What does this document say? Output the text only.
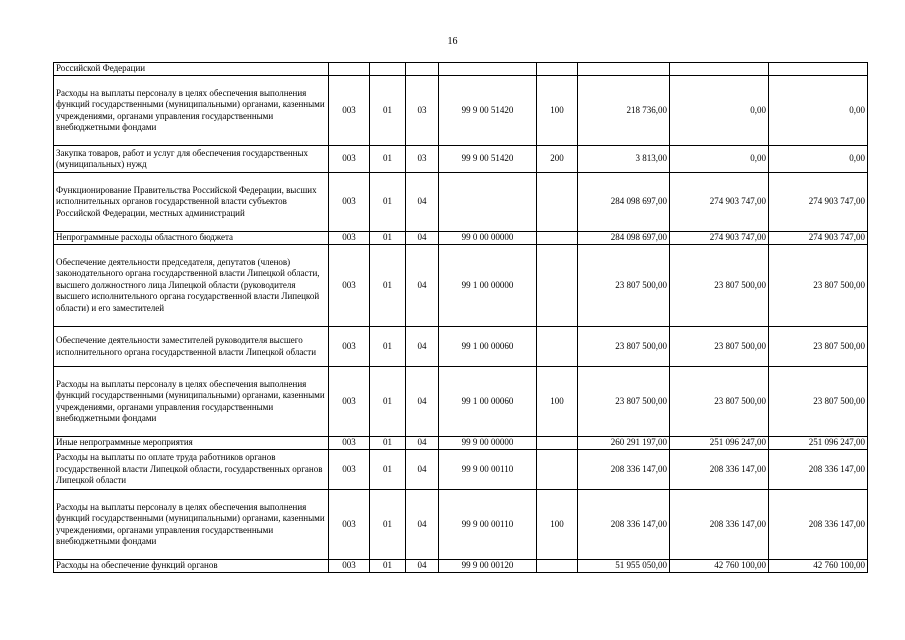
16
Российской Федерации								
Расходы на выплаты персоналу в целях обеспечения выполнения функций государственными (муниципальными) органами, казенными учреждениями, органами управления государственными внебюджетными фондами	003	01	03	99 9 00 51420	100	218 736,00	0,00	0,00
Закупка товаров, работ и услуг для обеспечения государственных (муниципальных) нужд	003	01	03	99 9 00 51420	200	3 813,00	0,00	0,00
Функционирование Правительства Российской Федерации, высших исполнительных органов государственной власти субъектов Российской Федерации, местных администраций	003	01	04			284 098 697,00	274 903 747,00	274 903 747,00
Непрограммные расходы областного бюджета	003	01	04	99 0 00 00000		284 098 697,00	274 903 747,00	274 903 747,00
Обеспечение деятельности председателя, депутатов (членов) законодательного органа государственной власти Липецкой области, высшего должностного лица Липецкой области (руководителя высшего исполнительного органа государственной власти Липецкой области) и его заместителей	003	01	04	99 1 00 00000		23 807 500,00	23 807 500,00	23 807 500,00
Обеспечение деятельности заместителей руководителя высшего исполнительного органа государственной власти Липецкой области	003	01	04	99 1 00 00060		23 807 500,00	23 807 500,00	23 807 500,00
Расходы на выплаты персоналу в целях обеспечения выполнения функций государственными (муниципальными) органами, казенными учреждениями, органами управления государственными внебюджетными фондами	003	01	04	99 1 00 00060	100	23 807 500,00	23 807 500,00	23 807 500,00
Иные непрограммные мероприятия	003	01	04	99 9 00 00000		260 291 197,00	251 096 247,00	251 096 247,00
Расходы на выплаты по оплате труда работников органов государственной власти Липецкой области, государственных органов Липецкой области	003	01	04	99 9 00 00110		208 336 147,00	208 336 147,00	208 336 147,00
Расходы на выплаты персоналу в целях обеспечения выполнения функций государственными (муниципальными) органами, казенными учреждениями, органами управления государственными внебюджетными фондами	003	01	04	99 9 00 00110	100	208 336 147,00	208 336 147,00	208 336 147,00
Расходы на обеспечение функций органов	003	01	04	99 9 00 00120		51 955 050,00	42 760 100,00	42 760 100,00
